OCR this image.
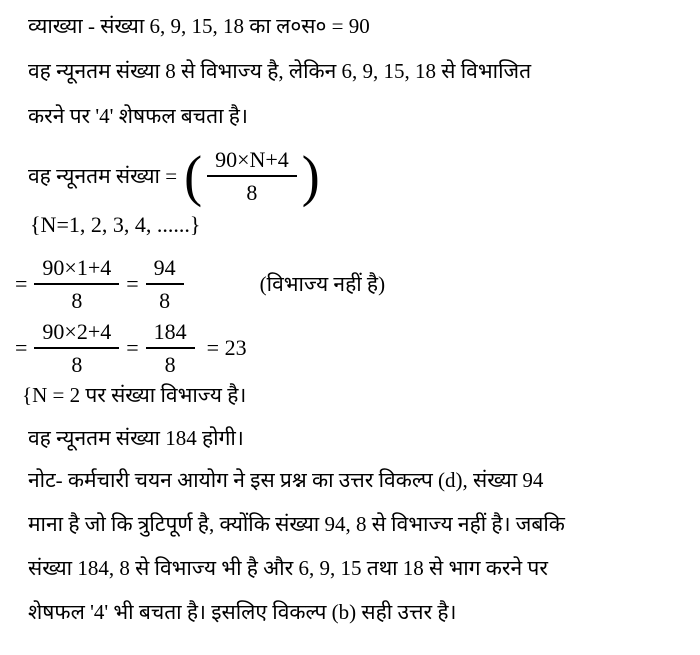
व्याख्या - संख्या 6, 9, 15, 18 का ल०स० = 90
वह न्यूनतम संख्या 8 से विभाज्य है, लेकिन 6, 9, 15, 18 से विभाजित
करने पर '4' शेषफल बचता है।
वह न्यूनतम संख्या = ( $\frac{90\times N+4}{8}$ )
{N=1, 2, 3, 4, ......}
= $\frac{90\times 1+4}{8} = \frac{94}{8}$	(विभाज्य नहीं है)
= $\frac{90\times 2+4}{8} = \frac{184}{8} = 23$
{N = 2 पर संख्या विभाज्य है।
वह न्यूनतम संख्या 184 होगी।
नोट- कर्मचारी चयन आयोग ने इस प्रश्न का उत्तर विकल्प (d), संख्या 94
माना है जो कि त्रुटिपूर्ण है, क्योंकि संख्या 94, 8 से विभाज्य नहीं है। जबकि
संख्या 184, 8 से विभाज्य भी है और 6, 9, 15 तथा 18 से भाग करने पर
शेषफल '4' भी बचता है। इसलिए विकल्प (b) सही उत्तर है।
